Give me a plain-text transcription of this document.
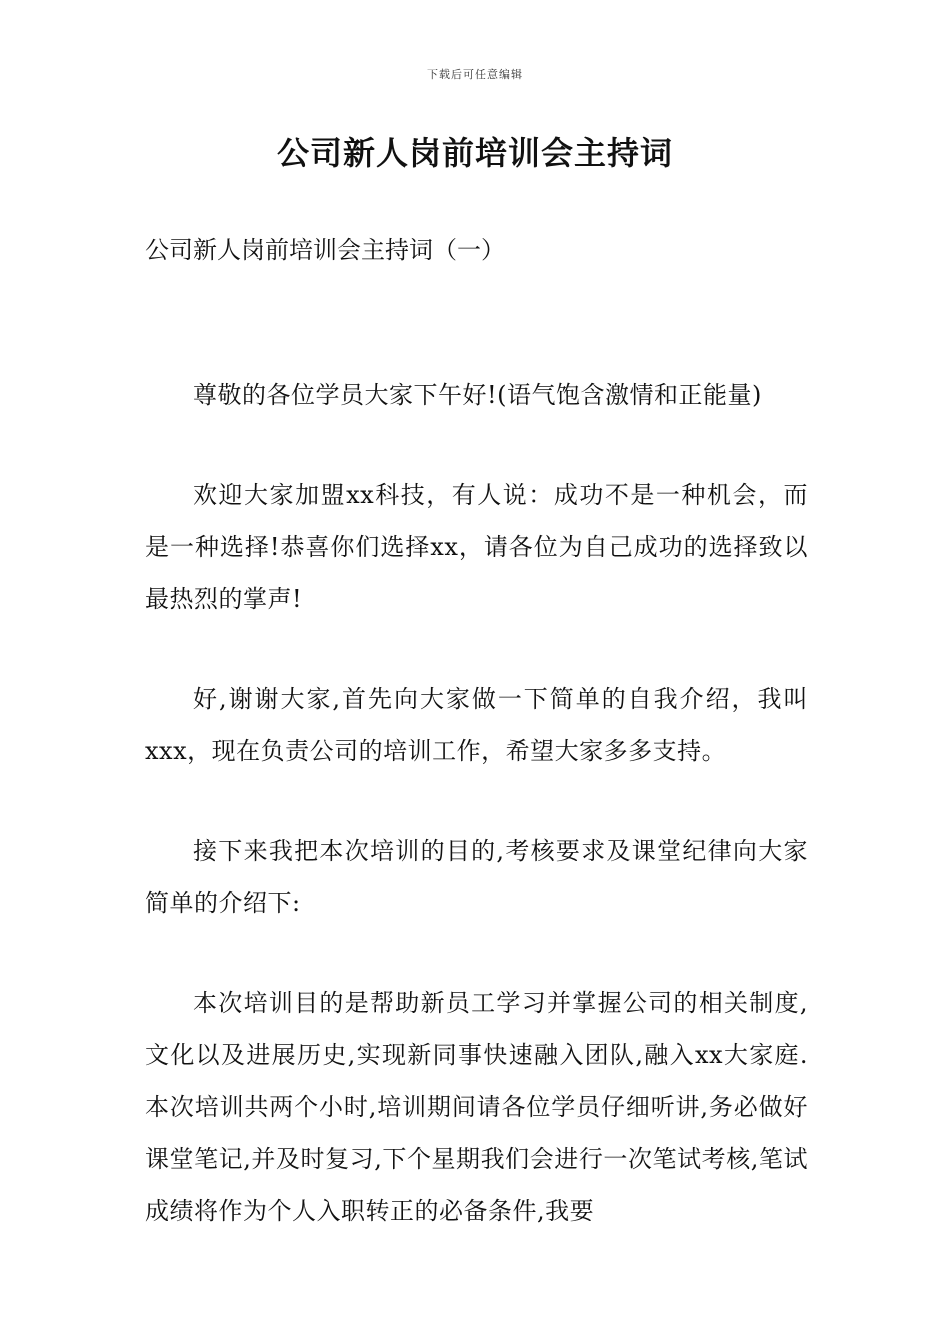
下载后可任意编辑
公司新人岗前培训会主持词
公司新人岗前培训会主持词（一）

尊敬的各位学员大家下午好!(语气饱含激情和正能量)

欢迎大家加盟xx科技，有人说：成功不是一种机会，而是一种选择!恭喜你们选择xx，请各位为自己成功的选择致以最热烈的掌声!

好,谢谢大家,首先向大家做一下简单的自我介绍，我叫xxx，现在负责公司的培训工作，希望大家多多支持。

接下来我把本次培训的目的,考核要求及课堂纪律向大家简单的介绍下:

本次培训目的是帮助新员工学习并掌握公司的相关制度,文化以及进展历史,实现新同事快速融入团队,融入xx大家庭.本次培训共两个小时,培训期间请各位学员仔细听讲,务必做好课堂笔记,并及时复习,下个星期我们会进行一次笔试考核,笔试成绩将作为个人入职转正的必备条件,我要
